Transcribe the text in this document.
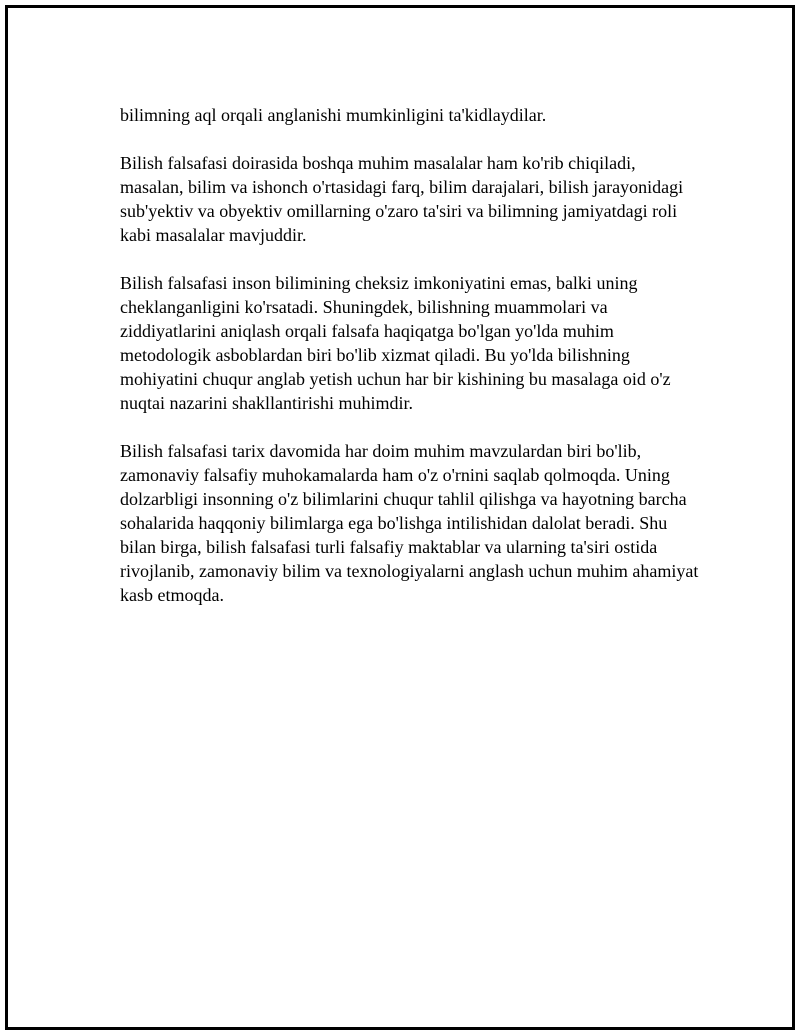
bilimning aql orqali anglanishi mumkinligini ta'kidlaydilar.

Bilish falsafasi doirasida boshqa muhim masalalar ham ko'rib chiqiladi, masalan, bilim va ishonch o'rtasidagi farq, bilim darajalari, bilish jarayonidagi sub'yektiv va obyektiv omillarning o'zaro ta'siri va bilimning jamiyatdagi roli kabi masalalar mavjuddir.

Bilish falsafasi inson bilimining cheksiz imkoniyatini emas, balki uning cheklanganligini ko'rsatadi. Shuningdek, bilishning muammolari va ziddiyatlarini aniqlash orqali falsafa haqiqatga bo'lgan yo'lda muhim metodologik asboblardan biri bo'lib xizmat qiladi. Bu yo'lda bilishning mohiyatini chuqur anglab yetish uchun har bir kishining bu masalaga oid o'z nuqtai nazarini shakllantirishi muhimdir.

Bilish falsafasi tarix davomida har doim muhim mavzulardan biri bo'lib, zamonaviy falsafiy muhokamalarda ham o'z o'rnini saqlab qolmoqda. Uning dolzarbligi insonning o'z bilimlarini chuqur tahlil qilishga va hayotning barcha sohalarida haqqoniy bilimlarga ega bo'lishga intilishidan dalolat beradi. Shu bilan birga, bilish falsafasi turli falsafiy maktablar va ularning ta'siri ostida rivojlanib, zamonaviy bilim va texnologiyalarni anglash uchun muhim ahamiyat kasb etmoqda.
